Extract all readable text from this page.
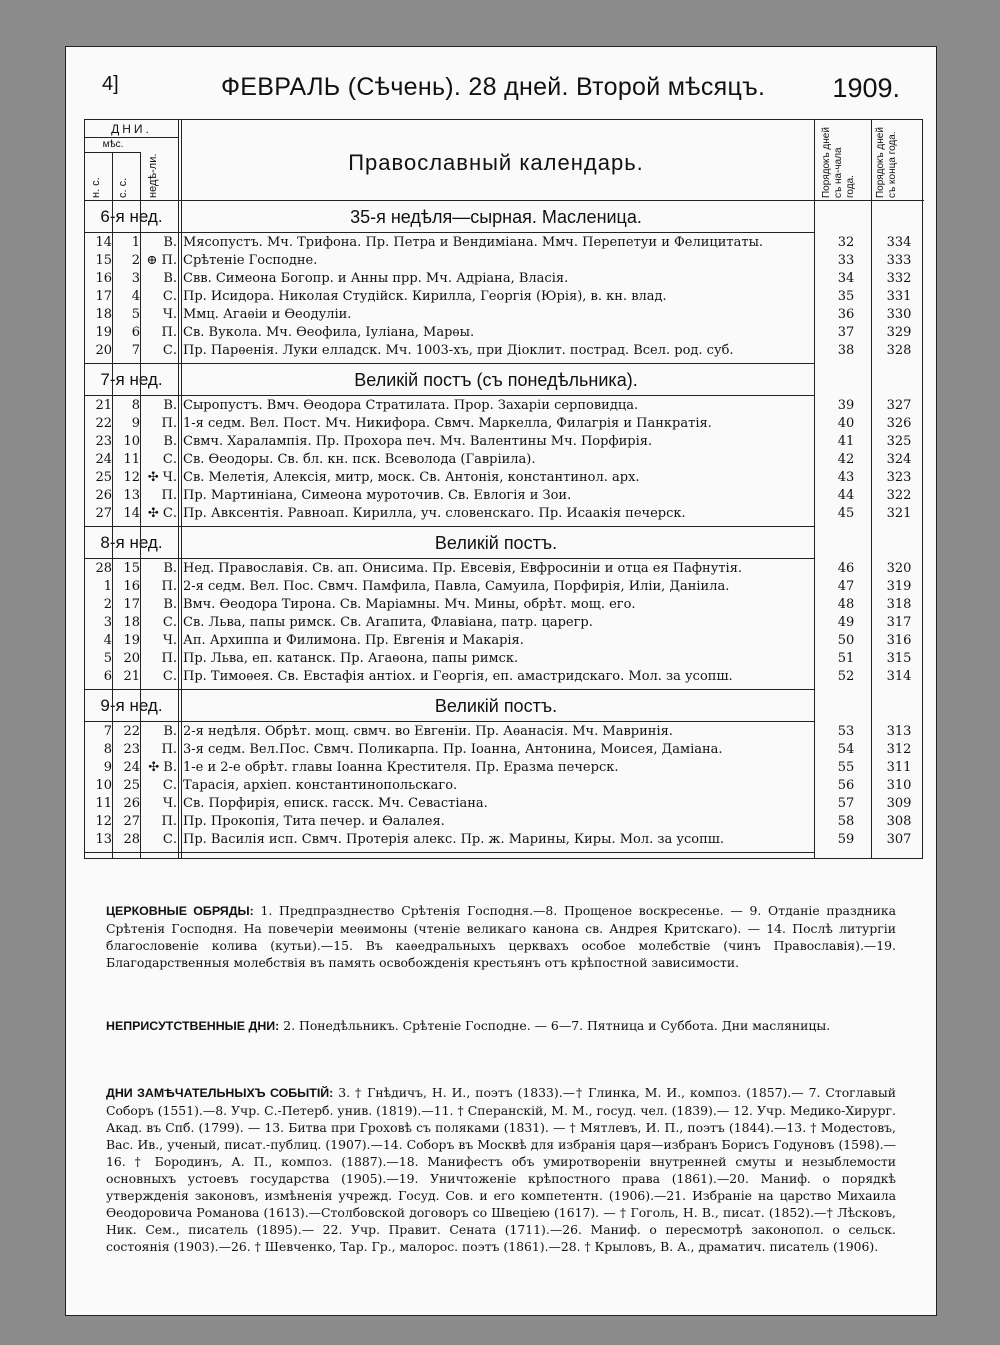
4]	ФЕВРАЛЬ (Сѣчень). 28 дней. Второй мѣсяцъ. 1909.
ДНИ.
мѣс.
н. с. с. с. недѣ-ли.	Православный календарь.	Порядокъ дней съ на-чала года. Порядокъ дней съ конца года.
6-я нед.	35-я недѣля—сырная. Масленица.
14	1	В. Мясопустъ. Мч. Трифона. Пр. Петра и Вендиміана. Ммч. Перепетуи и Фелицитаты.	32	334
15	2 ⊕ П. Срѣтеніе Господне.	33	333
16	3	В. Свв. Симеона Богопр. и Анны прр. Мч. Адріана, Власія.	34	332
17	4	С. Пр. Исидора. Николая Студійск. Кирилла, Георгія (Юрія), в. кн. влад.	35	331
18	5	Ч. Ммц. Агаѳіи и Ѳеодуліи.	36	330
19	6	П. Св. Вукола. Мч. Ѳеофила, Іуліана, Марѳы.	37	329
20	7	С. Пр. Парѳенія. Луки елладск. Мч. 1003-хъ, при Діоклит. пострад. Всел. род. суб.	38	328
7-я нед.	Великій постъ (съ понедѣльника).
21	8	В. Сыропустъ. Вмч. Ѳеодора Стратилата. Прор. Захаріи серповидца.	39	327
22	9	П. 1-я седм. Вел. Пост. Мч. Никифора. Свмч. Маркелла, Филагрія и Панкратія.	40	326
23 10	В. Свмч. Харалампія. Пр. Прохора печ. Мч. Валентины Мч. Порфирія.	41	325
24 11	С. Св. Ѳеодоры. Св. бл. кн. пск. Всеволода (Гавріила).	42	324
25 12 ✣ Ч. Св. Мелетія, Алексія, митр, моск. Св. Антонія, константинол. арх.	43	323
26 13	П. Пр. Мартиніана, Симеона муроточив. Св. Евлогія и Зои.	44	322
27 14 ✣ С. Пр. Авксентія. Равноап. Кирилла, уч. словенскаго. Пр. Исаакія печерск.	45	321
8-я нед.	Великій постъ.
28 15	В. Нед. Православія. Св. ап. Онисима. Пр. Евсевія, Евфросиніи и отца ея Пафнутія.	46	320
1 16	П. 2-я седм. Вел. Пос. Свмч. Памфила, Павла, Самуила, Порфирія, Иліи, Даніила.	47	319
2 17	В. Вмч. Ѳеодора Тирона. Св. Маріамны. Мч. Мины, обрѣт. мощ. его.	48	318
3 18	С. Св. Льва, папы римск. Св. Агапита, Флавіана, патр. царегр.	49	317
4 19	Ч. Ап. Архиппа и Филимона. Пр. Евгенія и Макарія.	50	316
5 20	П. Пр. Льва, еп. катанск. Пр. Агаѳона, папы римск.	51	315
6 21	С. Пр. Тимоѳея. Св. Евстафія антіох. и Георгія, еп. амастридскаго. Мол. за усопш.	52	314
9-я нед.	Великій постъ.
7 22	В. 2-я недѣля. Обрѣт. мощ. свмч. во Евгеніи. Пр. Аѳанасія. Мч. Мавринія.	53	313
8 23	П. 3-я седм. Вел.Пос. Свмч. Поликарпа. Пр. Іоанна, Антонина, Моисея, Даміана.	54	312
9 24 ✣ В. 1-е и 2-е обрѣт. главы Іоанна Крестителя. Пр. Еразма печерск.	55	311
10 25	С. Тарасія, архіеп. константинопольскаго.	56	310
11 26	Ч. Св. Порфирія, еписк. гасск. Мч. Севастіана.	57	309
12 27	П. Пр. Прокопія, Тита печер. и Ѳалалея.	58	308
13 28	С. Пр. Василія исп. Свмч. Протерія алекс. Пр. ж. Марины, Киры. Мол. за усопш.	59	307
ЦЕРКОВНЫЕ ОБРЯДЫ: 1. Предпразднество Срѣтенія Господня.—8. Прощеное воскресенье. — 9. Отданіе праздника Срѣтенія Господня. На повечеріи меѳимоны (чтеніе великаго канона св. Андрея Критскаго). — 14. Послѣ литургіи благословеніе колива (кутьи).—15. Въ каѳедральныхъ церквахъ особое молебствіе (чинъ Православія).—19. Благодарственныя молебствія въ память освобожденія крестьянъ отъ крѣпостной зависимости.
НЕПРИСУТСТВЕННЫЕ ДНИ: 2. Понедѣльникъ. Срѣтеніе Господне. — 6—7. Пятница и Суббота. Дни масляницы.
ДНИ ЗАМѢЧАТЕЛЬНЫХЪ СОБЫТІЙ: 3. † Гнѣдичъ, Н. И., поэтъ (1833).—† Глинка, М. И., композ. (1857).— 7. Стоглавый Соборъ (1551).—8. Учр. С.-Петерб. унив. (1819).—11. † Сперанскій, М. М., госуд. чел. (1839).— 12. Учр. Медико-Хирург. Акад. въ Спб. (1799). — 13. Битва при Гроховѣ съ поляками (1831). — † Мятлевъ, И. П., поэтъ (1844).—13. † Модестовъ, Вас. Ив., ученый, писат.-публиц. (1907).—14. Соборъ въ Москвѣ для избранія царя—избранъ Борисъ Годуновъ (1598).—16. † Бородинъ, А. П., композ. (1887).—18. Манифестъ объ умиротвореніи внутренней смуты и незыблемости основныхъ устоевъ государства (1905).—19. Уничтоженіе крѣпостного права (1861).—20. Маниф. о порядкѣ утвержденія законовъ, измѣненія учрежд. Госуд. Сов. и его компетентн. (1906).—21. Избраніе на царство Михаила Ѳеодоровича Романова (1613).—Столбовской договоръ со Швеціею (1617). — † Гоголь, Н. В., писат. (1852).—† Лѣсковъ, Ник. Сем., писатель (1895).— 22. Учр. Правит. Сената (1711).—26. Маниф. о пересмотрѣ законопол. о сельск. состоянія (1903).—26. † Шевченко, Тар. Гр., малорос. поэтъ (1861).—28. † Крыловъ, В. А., драматич. писатель (1906).
